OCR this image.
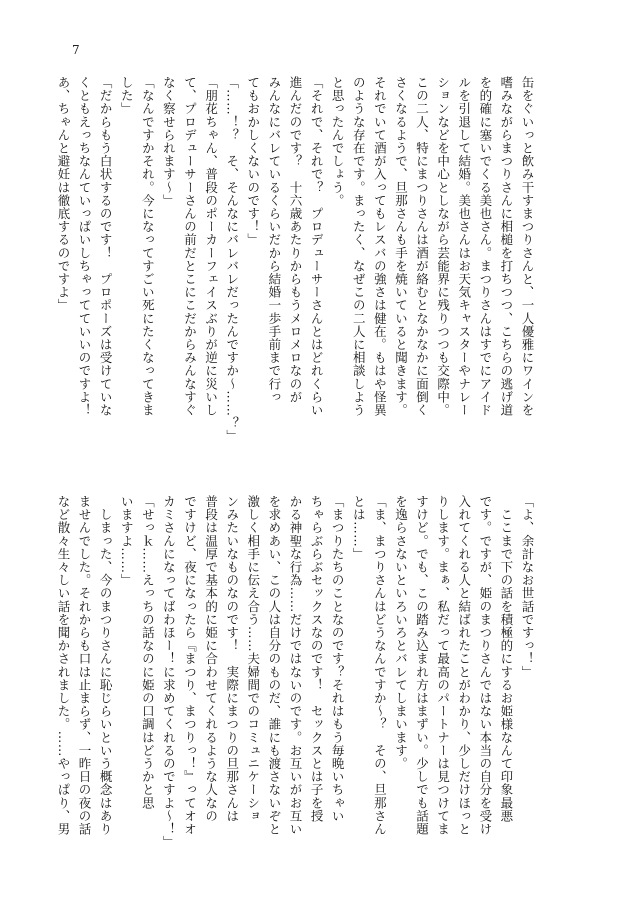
7
缶をぐいっと飲み干すまつりさんと、一人優雅にワインを
嗜みながらまつりさんに相槌を打ちつつ、こちらの逃げ道
を的確に塞いでくる美也さん。まつりさんはすでにアイド
ルを引退して結婚。美也さんはお天気キャスターやナレー
ションなどを中心としながら芸能界に残りつつも交際中。
この二人、特にまつりさんは酒が絡むとなかなかに面倒く
さくなるようで、旦那さんも手を焼いていると聞きます。
それでいて酒が入ってもレスバの強さは健在。もはや怪異
のような存在です。まったく、なぜこの二人に相談しよう
と思ったんでしょう。
「それで、それで？　プロデューサーさんとはどれくらい
進んだのです？　十六歳あたりからもうメロメロなのが
みんなにバレているくらいだから結婚一歩手前まで行っ
てもおかしくないのです！」
「……！？　そ、そんなにバレバレだったんですか～……？」
「朋花ちゃん、普段のポーカーフェイスぶりが逆に災いし
て、プロデューサーさんの前だとこにこだからみんなすぐ
なく察せられます～」
「なんですかそれ。今になってすごい死にたくなってきま
した」
「だからもう白状するのです！　プロポーズは受けていな
くともえっちなんていっぱいしちゃってていいのですよ！
あ、ちゃんと避妊は徹底するのですよ」
「よ、余計なお世話ですっ！」
　ここまで下の話を積極的にするお姫様なんて印象最悪
です。ですが、姫のまつりさんではない本当の自分を受け
入れてくれる人と結ばれたことがわかり、少しだけほっと
りします。まぁ、私だって最高のパートナーは見つけてま
すけど。でも、この踏み込まれ方はまずい。少しでも話題
を逸らさないといろいろとバレてしまいます。
「ま、まつりさんはどうなんですか～？　その、旦那さん
とは……」
「まつりたちのことなのです？それはもう毎晩いちゃい
ちゃらぶらぶセックスなのです！　セックスとは子を授
かる神聖な行為……だけではないのです。お互いがお互い
を求めあい、この人は自分のものだ、誰にも渡さないぞと
激しく相手に伝え合う……夫婦間でのコミュニケーショ
ンみたいなものなのです！　実際にまつりの旦那さんは
普段は温厚で基本的に姫に合わせてくれるような人なの
ですけど、夜になったら『まつり、まつりっ！』ってオオ
カミさんになってばわほー！に求めてくれるのですよ～！」
「せっｋ……えっちの話なのに姫の口調はどうかと思
いますよ……」
　しまった、今のまつりさんに恥じらいという概念はあり
ませんでした。それからも口は止まらず、一昨日の夜の話
など散々生々しい話を聞かされました。……やっぱり、男
